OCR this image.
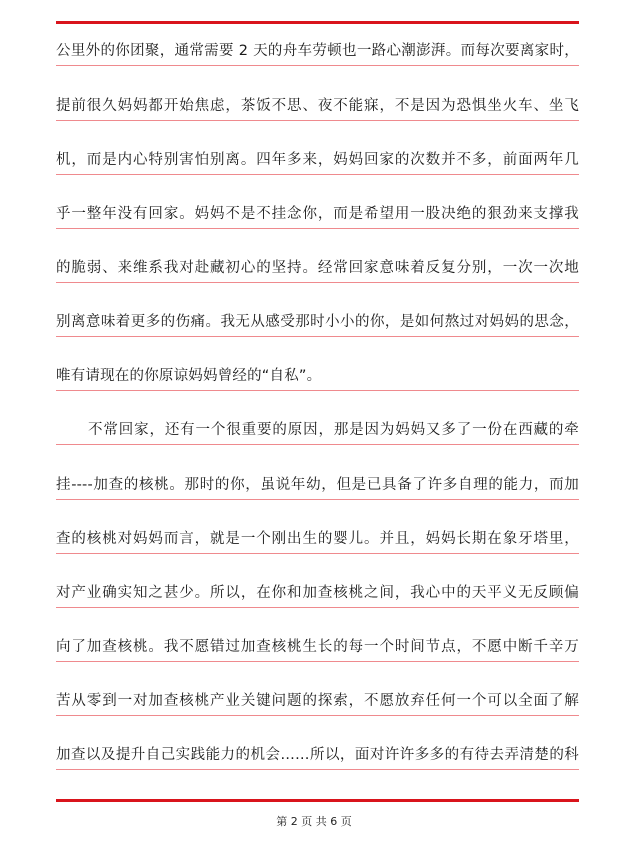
公里外的你团聚，通常需要 2 天的舟车劳顿也一路心潮澎湃。而每次要离家时，
提前很久妈妈都开始焦虑，茶饭不思、夜不能寐，不是因为恐惧坐火车、坐飞
机，而是内心特别害怕别离。四年多来，妈妈回家的次数并不多，前面两年几
乎一整年没有回家。妈妈不是不挂念你，而是希望用一股决绝的狠劲来支撑我
的脆弱、来维系我对赴藏初心的坚持。经常回家意味着反复分别，一次一次地
别离意味着更多的伤痛。我无从感受那时小小的你，是如何熬过对妈妈的思念，
唯有请现在的你原谅妈妈曾经的“自私”。
不常回家，还有一个很重要的原因，那是因为妈妈又多了一份在西藏的牵
挂----加查的核桃。那时的你，虽说年幼，但是已具备了许多自理的能力，而加
查的核桃对妈妈而言，就是一个刚出生的婴儿。并且，妈妈长期在象牙塔里，
对产业确实知之甚少。所以，在你和加查核桃之间，我心中的天平义无反顾偏
向了加查核桃。我不愿错过加查核桃生长的每一个时间节点，不愿中断千辛万
苦从零到一对加查核桃产业关键问题的探索，不愿放弃任何一个可以全面了解
加查以及提升自己实践能力的机会……所以，面对许许多多的有待去弄清楚的科
第 2 页 共 6 页
